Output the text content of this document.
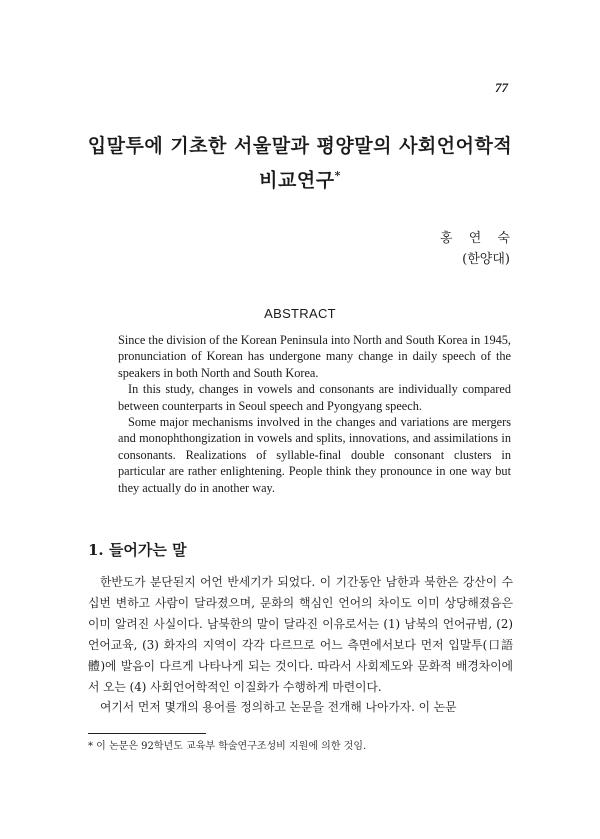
77
입말투에 기초한 서울말과 평양말의 사회언어학적
비교연구*
홍 연 숙
(한양대)
ABSTRACT

Since the division of the Korean Peninsula into North and South Korea in 1945, pronunciation of Korean has undergone many change in daily speech of the speakers in both North and South Korea.

In this study, changes in vowels and consonants are individually compared between counterparts in Seoul speech and Pyongyang speech.

Some major mechanisms involved in the changes and variations are mergers and monophthongization in vowels and splits, innovations, and assimilations in consonants. Realizations of syllable-final double consonant clusters in particular are rather enlightening. People think they pronounce in one way but they actually do in another way.

1. 들어가는 말

한반도가 분단된지 어언 반세기가 되었다. 이 기간동안 남한과 북한은 강산이 수십번 변하고 사람이 달라졌으며, 문화의 핵심인 언어의 차이도 이미 상당해졌음은 이미 알려진 사실이다. 남북한의 말이 달라진 이유로서는 (1) 남북의 언어규범, (2) 언어교육, (3) 화자의 지역이 각각 다르므로 어느 측면에서보다 먼저 입말투(口語體)에 발음이 다르게 나타나게 되는 것이다. 따라서 사회제도와 문화적 배경차이에서 오는 (4) 사회언어학적인 이질화가 수행하게 마련이다.

여기서 먼저 몇개의 용어를 정의하고 논문을 전개해 나아가자. 이 논문

* 이 논문은 92학년도 교육부 학술연구조성비 지원에 의한 것임.
